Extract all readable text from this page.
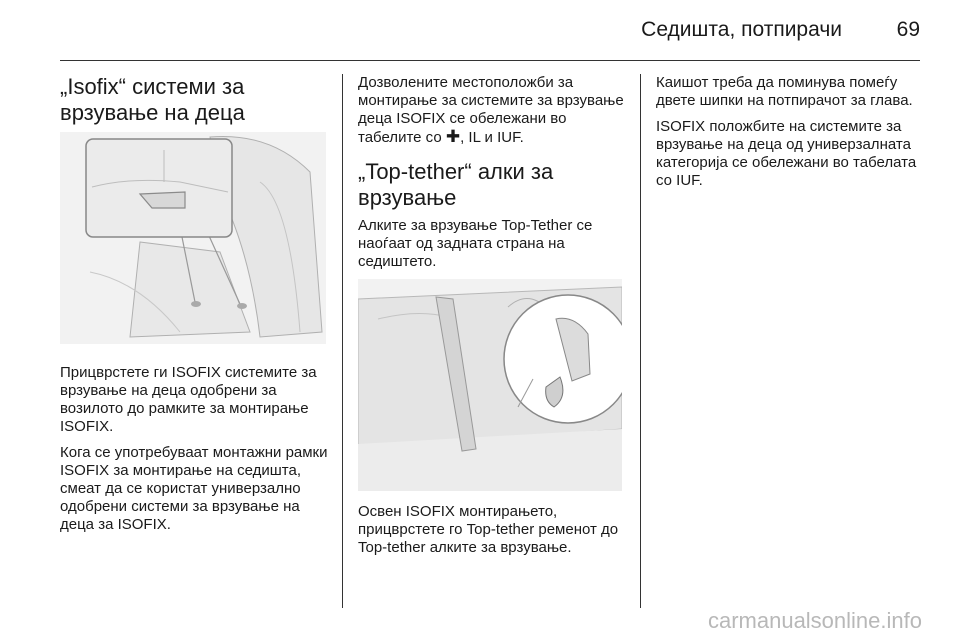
Седишта, потпирачи	69
„Isofix“ системи за врзување на деца

Прицврстете ги ISOFIX системите за врзување на деца одобрени за возилото до рамките за монтирање ISOFIX.

Кога се употребуваат монтажни рамки ISOFIX за монтирање на седишта, смеат да се користат универзално одобрени системи за врзување на деца за ISOFIX.

Дозволените местоположби за монтирање за системите за врзување деца ISOFIX се обележани во табелите со ✚, IL и IUF.

„Top-tether“ алки за врзување

Алките за врзување Top-Tether се наоѓаат од задната страна на седиштето.

Освен ISOFIX монтирањето, прицврстете го Top-tether ременот до Top-tether алките за врзување.

Каишот треба да поминува помеѓу двете шипки на потпирачот за глава.

ISOFIX положбите на системите за врзување на деца од универзалната категорија се обележани во табелата со IUF.

carmanualsonline.info
